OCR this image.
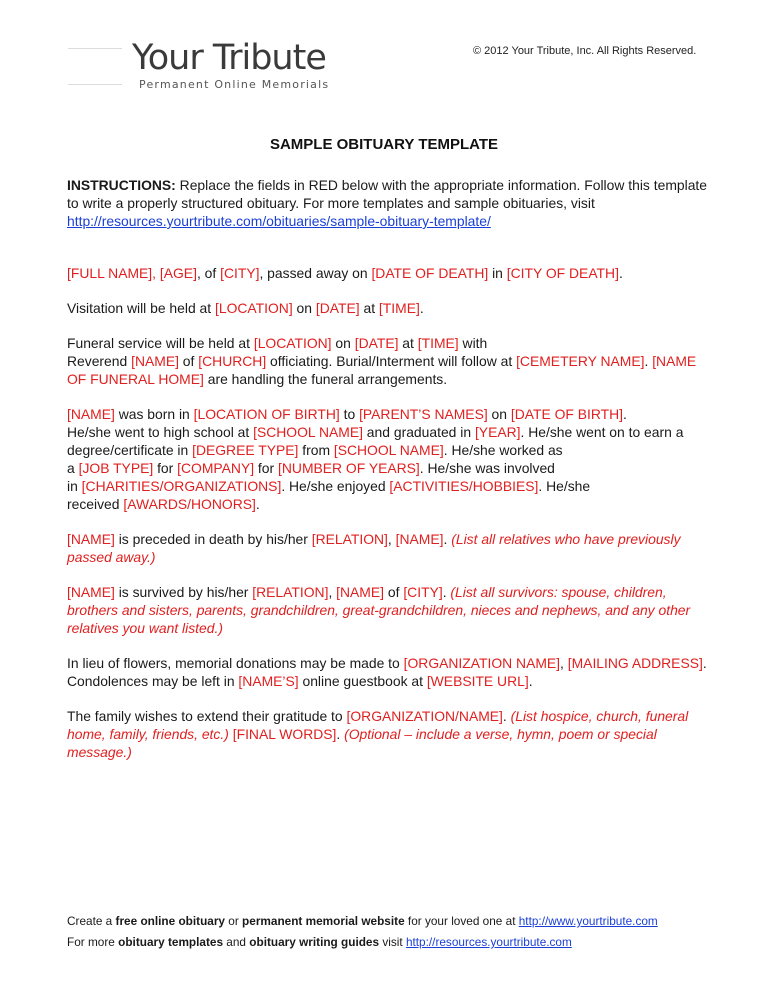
Your Tribute
Permanent Online Memorials
© 2012 Your Tribute, Inc. All Rights Reserved.
SAMPLE OBITUARY TEMPLATE

INSTRUCTIONS: Replace the fields in RED below with the appropriate information. Follow this template to write a properly structured obituary. For more templates and sample obituaries, visit http://resources.yourtribute.com/obituaries/sample-obituary-template/

[FULL NAME], [AGE], of [CITY], passed away on [DATE OF DEATH] in [CITY OF DEATH].

Visitation will be held at [LOCATION] on [DATE] at [TIME].

Funeral service will be held at [LOCATION] on [DATE] at [TIME] with
Reverend [NAME] of [CHURCH] officiating. Burial/Interment will follow at [CEMETERY NAME]. [NAME OF FUNERAL HOME] are handling the funeral arrangements.

[NAME] was born in [LOCATION OF BIRTH] to [PARENT’S NAMES] on [DATE OF BIRTH].
He/she went to high school at [SCHOOL NAME] and graduated in [YEAR]. He/she went on to earn a degree/certificate in [DEGREE TYPE] from [SCHOOL NAME]. He/she worked as
a [JOB TYPE] for [COMPANY] for [NUMBER OF YEARS]. He/she was involved
in [CHARITIES/ORGANIZATIONS]. He/she enjoyed [ACTIVITIES/HOBBIES]. He/she
received [AWARDS/HONORS].

[NAME] is preceded in death by his/her [RELATION], [NAME]. (List all relatives who have previously passed away.)

[NAME] is survived by his/her [RELATION], [NAME] of [CITY]. (List all survivors: spouse, children, brothers and sisters, parents, grandchildren, great-grandchildren, nieces and nephews, and any other relatives you want listed.)

In lieu of flowers, memorial donations may be made to [ORGANIZATION NAME], [MAILING ADDRESS]. Condolences may be left in [NAME’S] online guestbook at [WEBSITE URL].

The family wishes to extend their gratitude to [ORGANIZATION/NAME]. (List hospice, church, funeral home, family, friends, etc.) [FINAL WORDS]. (Optional – include a verse, hymn, poem or special message.)

Create a free online obituary or permanent memorial website for your loved one at http://www.yourtribute.com
For more obituary templates and obituary writing guides visit http://resources.yourtribute.com
